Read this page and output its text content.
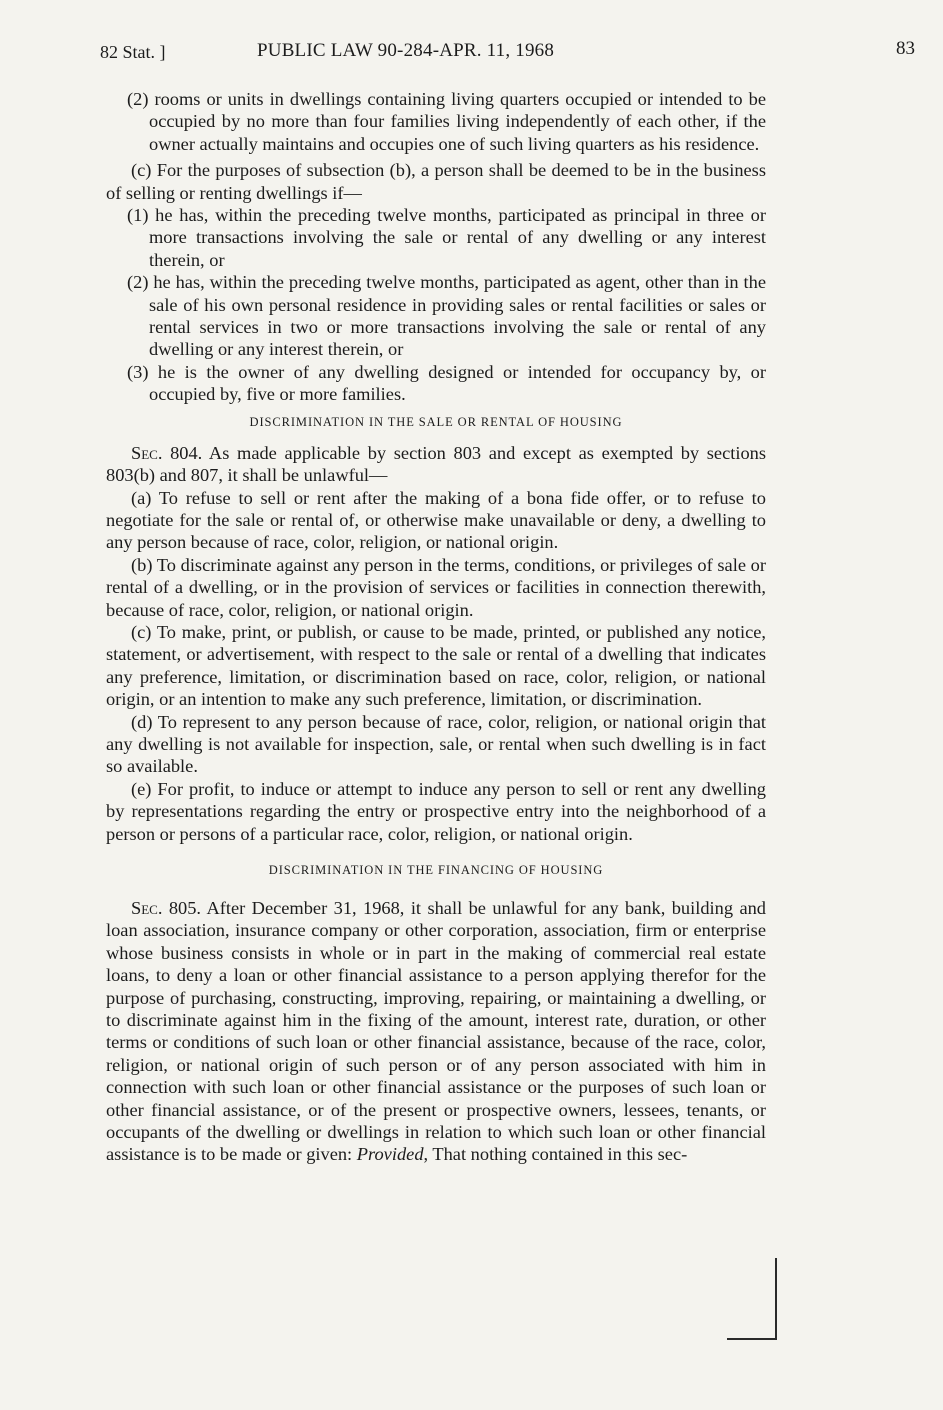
82 Stat. ]	PUBLIC LAW 90-284-APR. 11, 1968	83

(2) rooms or units in dwellings containing living quarters occupied or intended to be occupied by no more than four families living independently of each other, if the owner actually maintains and occupies one of such living quarters as his residence.

(c) For the purposes of subsection (b), a person shall be deemed to be in the business of selling or renting dwellings if—

(1) he has, within the preceding twelve months, participated as principal in three or more transactions involving the sale or rental of any dwelling or any interest therein, or

(2) he has, within the preceding twelve months, participated as agent, other than in the sale of his own personal residence in providing sales or rental facilities or sales or rental services in two or more transactions involving the sale or rental of any dwelling or any interest therein, or

(3) he is the owner of any dwelling designed or intended for occupancy by, or occupied by, five or more families.

DISCRIMINATION IN THE SALE OR RENTAL OF HOUSING

Sec. 804. As made applicable by section 803 and except as exempted by sections 803(b) and 807, it shall be unlawful—

(a) To refuse to sell or rent after the making of a bona fide offer, or to refuse to negotiate for the sale or rental of, or otherwise make unavailable or deny, a dwelling to any person because of race, color, religion, or national origin.

(b) To discriminate against any person in the terms, conditions, or privileges of sale or rental of a dwelling, or in the provision of services or facilities in connection therewith, because of race, color, religion, or national origin.

(c) To make, print, or publish, or cause to be made, printed, or published any notice, statement, or advertisement, with respect to the sale or rental of a dwelling that indicates any preference, limitation, or discrimination based on race, color, religion, or national origin, or an intention to make any such preference, limitation, or discrimination.

(d) To represent to any person because of race, color, religion, or national origin that any dwelling is not available for inspection, sale, or rental when such dwelling is in fact so available.

(e) For profit, to induce or attempt to induce any person to sell or rent any dwelling by representations regarding the entry or prospective entry into the neighborhood of a person or persons of a particular race, color, religion, or national origin.

DISCRIMINATION IN THE FINANCING OF HOUSING

Sec. 805. After December 31, 1968, it shall be unlawful for any bank, building and loan association, insurance company or other corporation, association, firm or enterprise whose business consists in whole or in part in the making of commercial real estate loans, to deny a loan or other financial assistance to a person applying therefor for the purpose of purchasing, constructing, improving, repairing, or maintaining a dwelling, or to discriminate against him in the fixing of the amount, interest rate, duration, or other terms or conditions of such loan or other financial assistance, because of the race, color, religion, or national origin of such person or of any person associated with him in connection with such loan or other financial assistance or the purposes of such loan or other financial assistance, or of the present or prospective owners, lessees, tenants, or occupants of the dwelling or dwellings in relation to which such loan or other financial assistance is to be made or given: Provided, That nothing contained in this sec-
